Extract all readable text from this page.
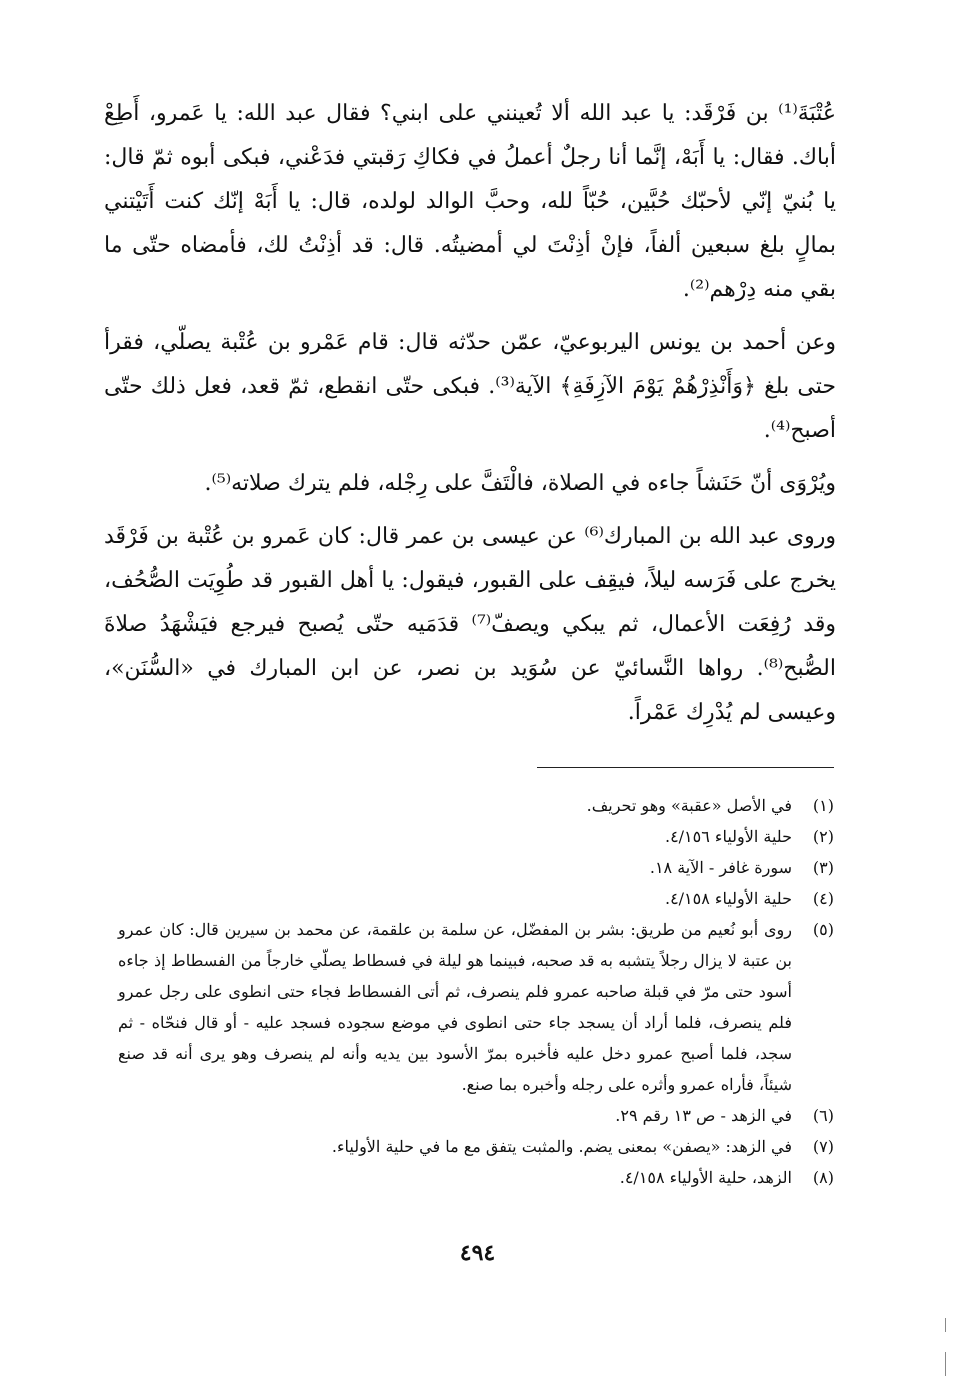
عُتْبَةَ⁽¹⁾ بن فَرْقَد: يا عبد الله ألا تُعينني على ابني؟ فقال عبد الله: يا عَمرو، أَطِعْ أباك. فقال: يا أَبَهْ، إنَّما أنا رجلٌ أعملُ في فكاكِ رَقبتي فدَعْني، فبكى أبوه ثمّ قال: يا بُنيّ إنّي لأحبّك حُبَّين، حُبّاً لله، وحبَّ الوالد لولده، قال: يا أَبَهْ إنّك كنت أَتَيْتني بمالٍ بلغ سبعين ألفاً، فإنْ أذِنْتَ لي أمضيتُه. قال: قد أذِنْتُ لك، فأمضاه حتّى ما بقي منه دِرْهم⁽²⁾.

وعن أحمد بن يونس اليربوعيّ، عمّن حدّثه قال: قام عَمْرو بن عُتْبة يصلّي، فقرأ حتى بلغ ﴿وَأَنْذِرْهُمْ يَوْمَ الآزِفَةِ﴾ الآية⁽³⁾. فبكى حتّى انقطع، ثمّ قعد، فعل ذلك حتّى أصبح⁽⁴⁾.

ويُرْوَى أنّ حَنَشاً جاءه في الصلاة، فالْتَفَّ على رِجْله، فلم يترك صلاته⁽⁵⁾.

وروى عبد الله بن المبارك⁽⁶⁾ عن عيسى بن عمر قال: كان عَمرو بن عُتْبة بن فَرْقَد يخرج على فَرَسه ليلاً، فيقِف على القبور، فيقول: يا أهل القبور قد طُوِيَت الصُّحُف، وقد رُفِعَت الأعمال، ثم يبكي ويصفّ⁽⁷⁾ قدَمَيه حتّى يُصبح فيرجع فيَشْهَدُ صلاةَ الصُّبح⁽⁸⁾. رواها النَّسائيّ عن سُوَيد بن نصر، عن ابن المبارك في «السُّنَن»، وعيسى لم يُدْرِك عَمْراً.

(١)
في الأصل «عقبة» وهو تحريف.
(٢)
حلية الأولياء ٤/١٥٦.
(٣)
سورة غافر - الآية ١٨.
(٤)
حلية الأولياء ٤/١٥٨.
(٥)
روى أبو نُعيم من طريق: بشر بن المفضّل، عن سلمة بن علقمة، عن محمد بن سيرين قال: كان عمرو بن عتبة لا يزال رجلاً يتشبه به قد صحبه، فبينما هو ليلة في فسطاط يصلّي خارجاً من الفسطاط إذ جاءه أسود حتى مرّ في قبلة صاحبه عمرو فلم ينصرف، ثم أتى الفسطاط فجاء حتى انطوى على رجل عمرو فلم ينصرف، فلما أراد أن يسجد جاء حتى انطوى في موضع سجوده فسجد عليه - أو قال فنحّاه - ثم سجد، فلما أصبح عمرو دخل عليه فأخبره بمرّ الأسود بين يديه وأنه لم ينصرف وهو يرى أنه قد صنع شيئاً، فأراه عمرو وأثره على رجله وأخبره بما صنع.
(٦)
في الزهد - ص ١٣ رقم ٢٩.
(٧)
في الزهد: «يصفن» بمعنى يضم. والمثبت يتفق مع ما في حلية الأولياء.
(٨)
الزهد، حلية الأولياء ٤/١٥٨.
٤٩٤
